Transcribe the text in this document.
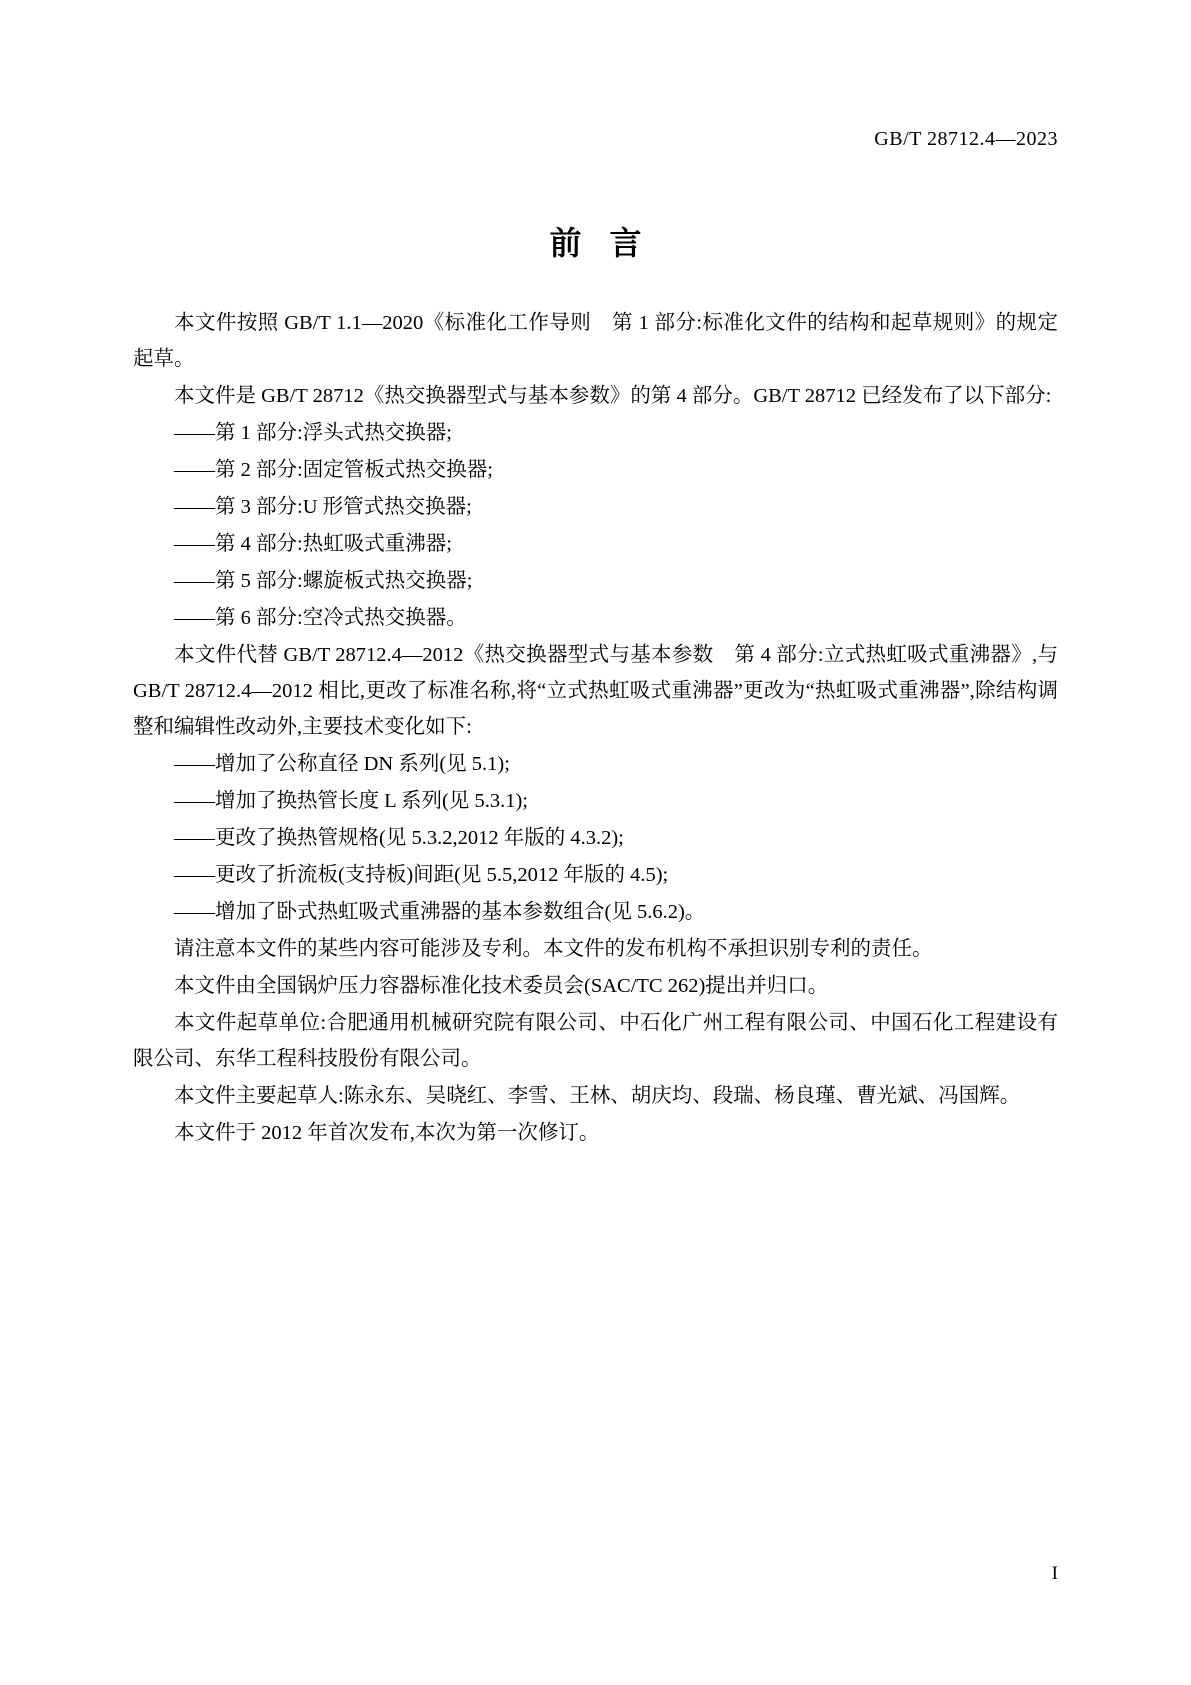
GB/T 28712.4—2023
前言

本文件按照 GB/T 1.1—2020《标准化工作导则　第 1 部分:标准化文件的结构和起草规则》的规定起草。

本文件是 GB/T 28712《热交换器型式与基本参数》的第 4 部分。GB/T 28712 已经发布了以下部分:

——第 1 部分:浮头式热交换器;

——第 2 部分:固定管板式热交换器;

——第 3 部分:U 形管式热交换器;

——第 4 部分:热虹吸式重沸器;

——第 5 部分:螺旋板式热交换器;

——第 6 部分:空冷式热交换器。

本文件代替 GB/T 28712.4—2012《热交换器型式与基本参数　第 4 部分:立式热虹吸式重沸器》,与 GB/T 28712.4—2012 相比,更改了标准名称,将“立式热虹吸式重沸器”更改为“热虹吸式重沸器”,除结构调整和编辑性改动外,主要技术变化如下:

——增加了公称直径 DN 系列(见 5.1);

——增加了换热管长度 L 系列(见 5.3.1);

——更改了换热管规格(见 5.3.2,2012 年版的 4.3.2);

——更改了折流板(支持板)间距(见 5.5,2012 年版的 4.5);

——增加了卧式热虹吸式重沸器的基本参数组合(见 5.6.2)。

请注意本文件的某些内容可能涉及专利。本文件的发布机构不承担识别专利的责任。

本文件由全国锅炉压力容器标准化技术委员会(SAC/TC 262)提出并归口。

本文件起草单位:合肥通用机械研究院有限公司、中石化广州工程有限公司、中国石化工程建设有限公司、东华工程科技股份有限公司。

本文件主要起草人:陈永东、吴晓红、李雪、王林、胡庆均、段瑞、杨良瑾、曹光斌、冯国辉。

本文件于 2012 年首次发布,本次为第一次修订。

I
